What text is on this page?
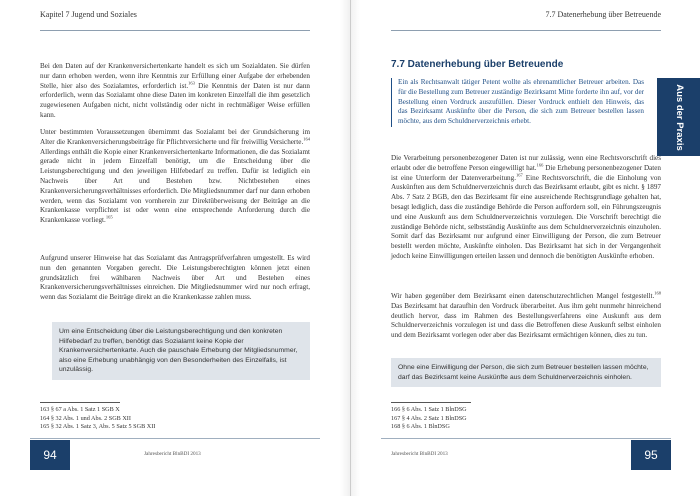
Kapitel 7 Jugend und Soziales

Bei den Daten auf der Krankenversichertenkarte handelt es sich um Sozialdaten. Sie dürfen nur dann erhoben werden, wenn ihre Kenntnis zur Erfüllung einer Aufgabe der erhebenden Stelle, hier also des Sozialamtes, erforderlich ist.$^{163}$ Die Kenntnis der Daten ist nur dann erforderlich, wenn das Sozialamt ohne diese Daten im konkreten Einzelfall die ihm gesetzlich zugewiesenen Aufgaben nicht, nicht vollständig oder nicht in rechtmäßiger Weise erfüllen kann.

Unter bestimmten Voraussetzungen übernimmt das Sozialamt bei der Grundsicherung im Alter die Krankenversicherungsbeiträge für Pflichtversicherte und für freiwillig Versicherte.$^{164}$ Allerdings enthält die Kopie einer Krankenversichertenkarte Informationen, die das Sozialamt gerade nicht in jedem Einzelfall benötigt, um die Entscheidung über die Leistungsberechtigung und den jeweiligen Hilfebedarf zu treffen. Dafür ist lediglich ein Nachweis über Art und Bestehen bzw. Nichtbestehen eines Krankenversicherungsverhältnisses erforderlich. Die Mitgliedsnummer darf nur dann erhoben werden, wenn das Sozialamt von vornherein zur Direktüberweisung der Beiträge an die Krankenkasse verpflichtet ist oder wenn eine entsprechende Anforderung durch die Krankenkasse vorliegt.$^{165}$

Aufgrund unserer Hinweise hat das Sozialamt das Antragsprüfverfahren umgestellt. Es wird nun den genannten Vorgaben gerecht. Die Leistungsberechtigten können jetzt einen grundsätzlich frei wählbaren Nachweis über Art und Bestehen eines Krankenversicherungsverhältnisses einreichen. Die Mitgliedsnummer wird nur noch erfragt, wenn das Sozialamt die Beiträge direkt an die Krankenkasse zahlen muss.

Um eine Entscheidung über die Leistungsberechtigung und den konkreten Hilfebedarf zu treffen, benötigt das Sozialamt keine Kopie der Krankenversichertenkarte. Auch die pauschale Erhebung der Mitgliedsnummer, also eine Erhebung unabhängig von den Besonderheiten des Einzelfalls, ist unzulässig.
163 § 67 a Abs. 1 Satz 1 SGB X
164 § 32 Abs. 1 und Abs. 2 SGB XII
165 § 32 Abs. 1 Satz 3, Abs. 5 Satz 5 SGB XII
94	Jahresbericht BlnBDI 2013
7.7 Datenerhebung über Betreuende
7.7 Datenerhebung über Betreuende
Aus der Praxis
Ein als Rechtsanwalt tätiger Petent wollte als ehrenamtlicher Betreuer arbeiten. Das für die Bestellung zum Betreuer zuständige Bezirksamt Mitte forderte ihn auf, vor der Bestellung einen Vordruck auszufüllen. Dieser Vordruck enthielt den Hinweis, das das Bezirksamt Auskünfte über die Person, die sich zum Betreuer bestellen lassen möchte, aus dem Schuldnerverzeichnis erhebt.

Die Verarbeitung personenbezogener Daten ist nur zulässig, wenn eine Rechtsvorschrift dies erlaubt oder die betroffene Person eingewilligt hat.$^{166}$ Die Erhebung personenbezogener Daten ist eine Unterform der Datenverarbeitung.$^{167}$ Eine Rechtsvorschrift, die die Einholung von Auskünften aus dem Schuldnerverzeichnis durch das Bezirksamt erlaubt, gibt es nicht. § 1897 Abs. 7 Satz 2 BGB, den das Bezirksamt für eine ausreichende Rechtsgrundlage gehalten hat, besagt lediglich, dass die zuständige Behörde die Person auffordern soll, ein Führungszeugnis und eine Auskunft aus dem Schuldnerverzeichnis vorzulegen. Die Vorschrift berechtigt die zuständige Behörde nicht, selbstständig Auskünfte aus dem Schuldnerverzeichnis einzuholen. Somit darf das Bezirksamt nur aufgrund einer Einwilligung der Person, die zum Betreuer bestellt werden möchte, Auskünfte einholen. Das Bezirksamt hat sich in der Vergangenheit jedoch keine Einwilligungen erteilen lassen und dennoch die benötigten Auskünfte erhoben.

Wir haben gegenüber dem Bezirksamt einen datenschutzrechtlichen Mangel festgestellt.$^{168}$ Das Bezirksamt hat daraufhin den Vordruck überarbeitet. Aus ihm geht nunmehr hinreichend deutlich hervor, dass im Rahmen des Bestellungsverfahrens eine Auskunft aus dem Schuldnerverzeichnis vorzulegen ist und dass die Betroffenen diese Auskunft selbst einholen und dem Bezirksamt vorlegen oder aber das Bezirksamt ermächtigen können, dies zu tun.

Ohne eine Einwilligung der Person, die sich zum Betreuer bestellen lassen möchte, darf das Bezirksamt keine Auskünfte aus dem Schuldnerverzeichnis einholen.
166 § 6 Abs. 1 Satz 1 BlnDSG
167 § 4 Abs. 2 Satz 1 BlnDSG
168 § 6 Abs. 1 BlnDSG
95
Jahresbericht BlnBDI 2013
